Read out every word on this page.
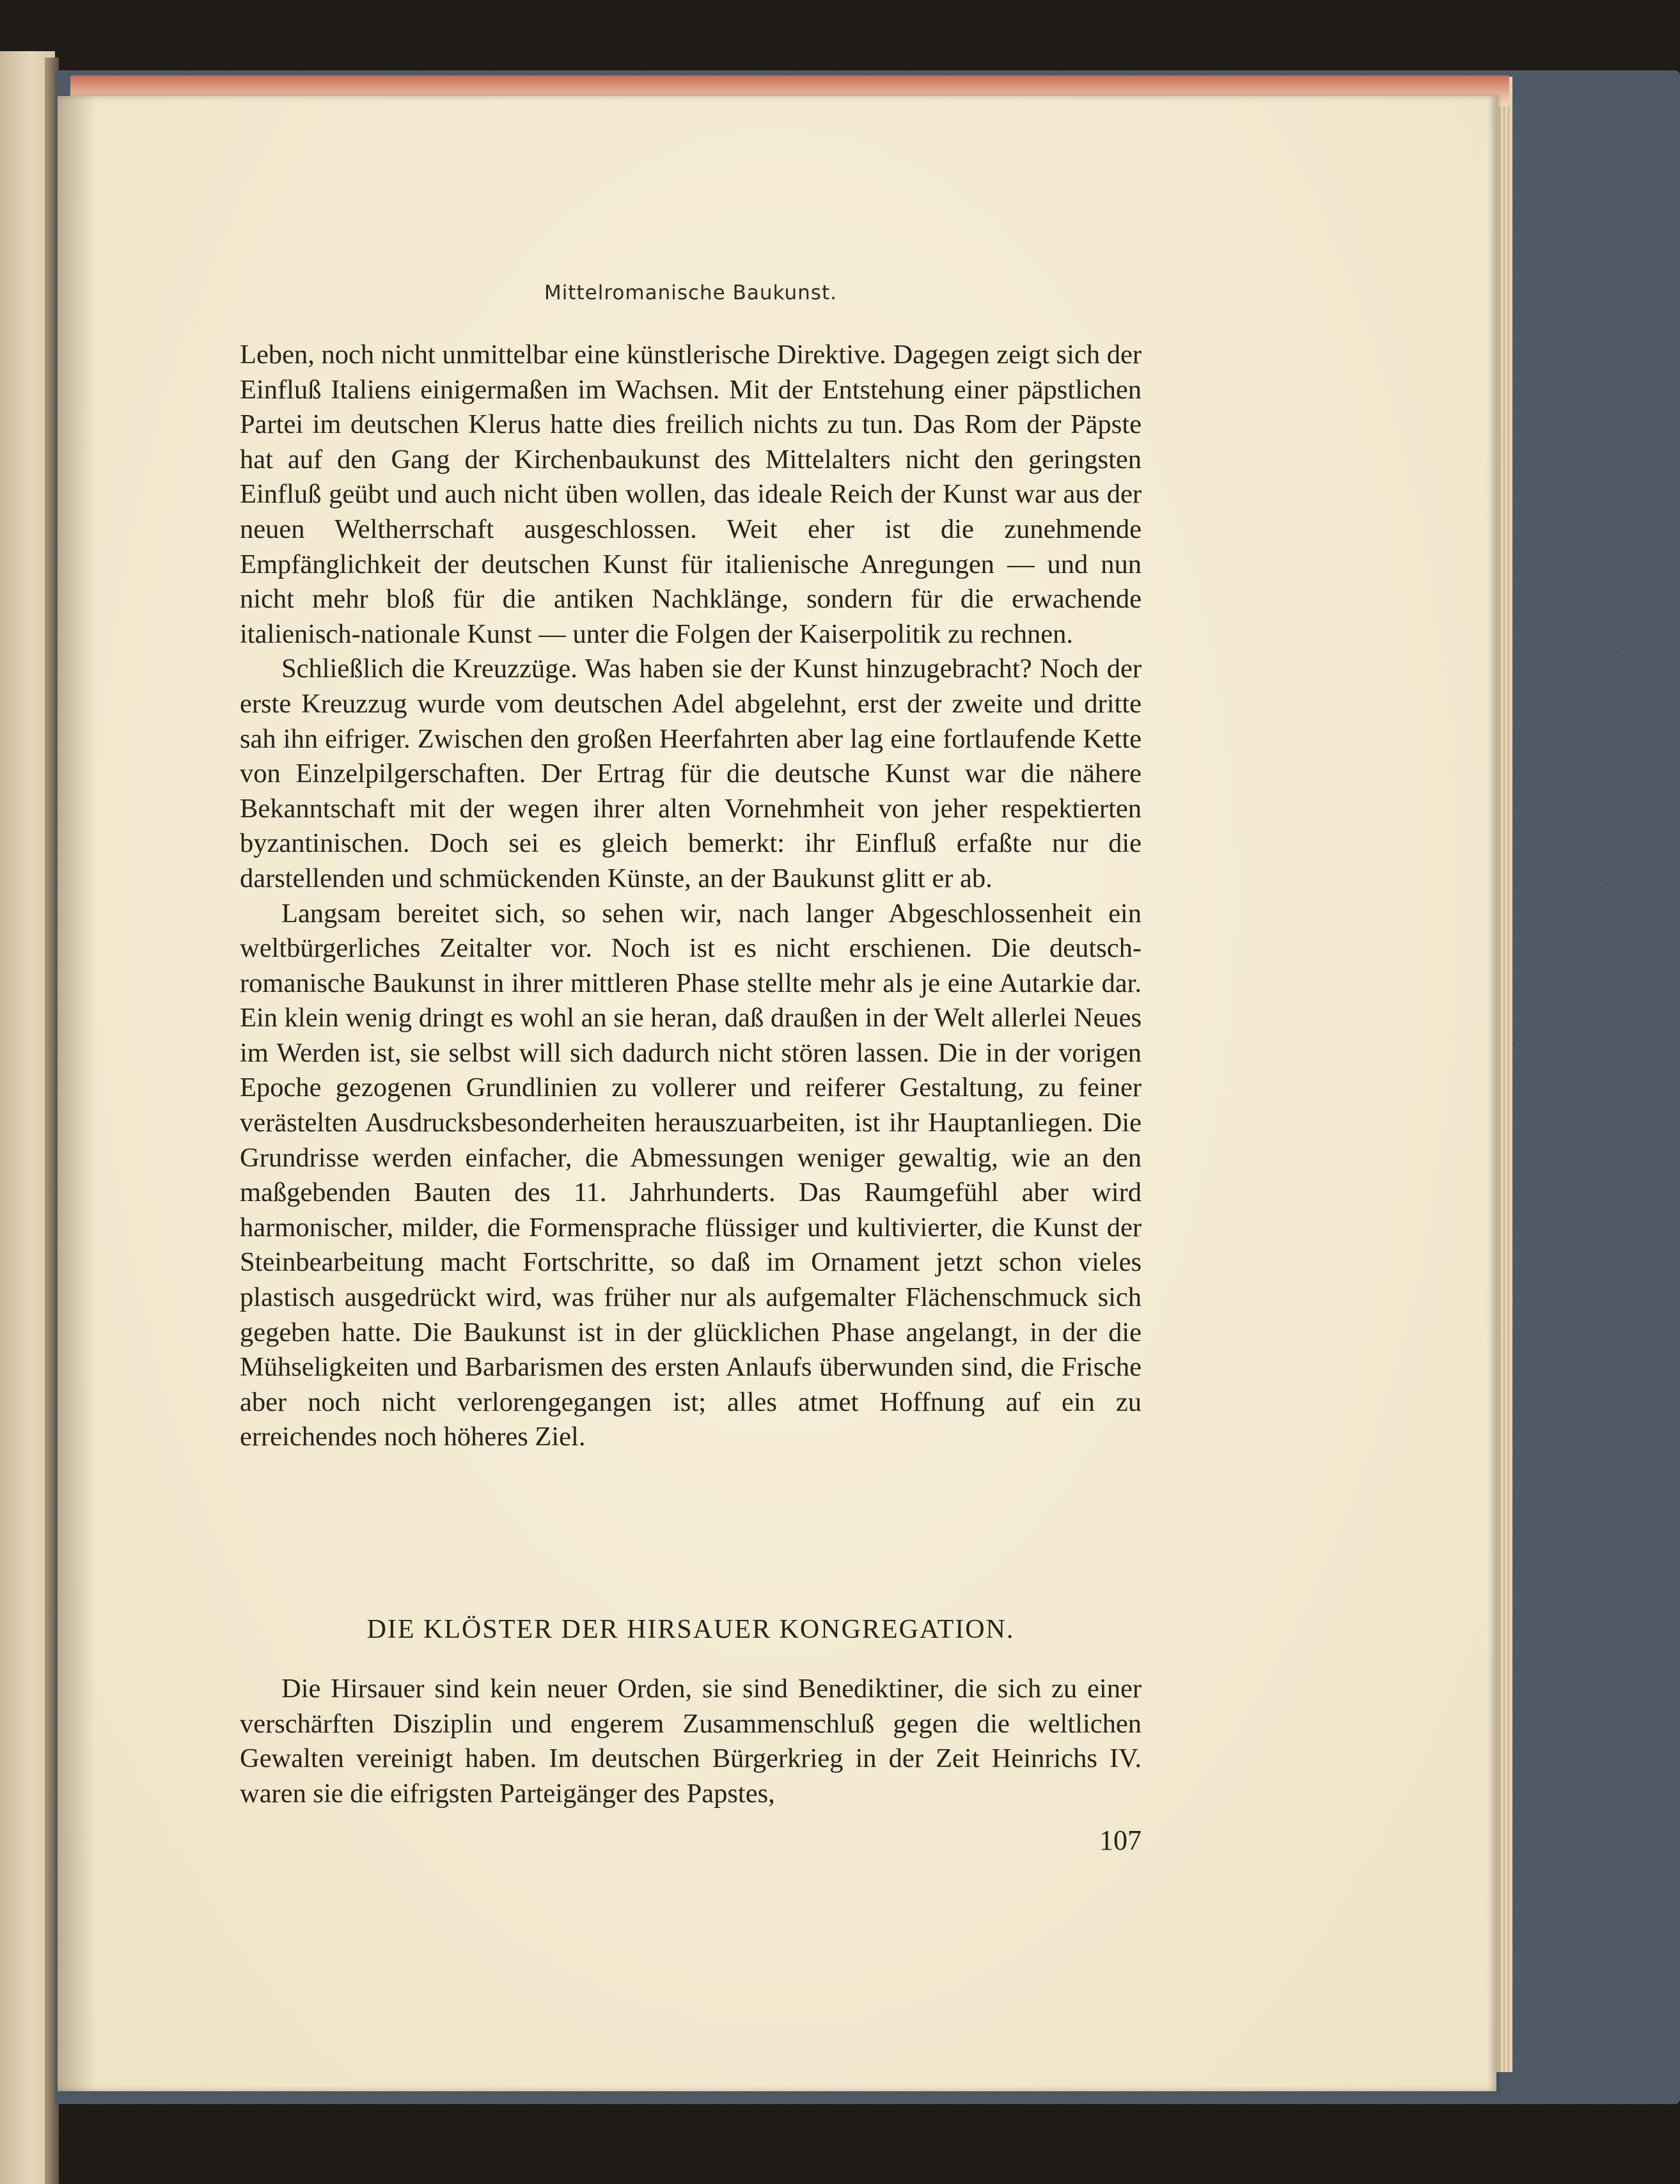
Mittelromanische Baukunst.

Leben, noch nicht unmittelbar eine künstlerische Direktive. Dagegen zeigt sich der Einfluß Italiens einigermaßen im Wachsen. Mit der Entstehung einer päpstlichen Partei im deutschen Klerus hatte dies freilich nichts zu tun. Das Rom der Päpste hat auf den Gang der Kirchenbaukunst des Mittelalters nicht den geringsten Einfluß geübt und auch nicht üben wollen, das ideale Reich der Kunst war aus der neuen Weltherrschaft ausgeschlossen. Weit eher ist die zunehmende Empfänglichkeit der deutschen Kunst für italienische Anregungen — und nun nicht mehr bloß für die antiken Nachklänge, sondern für die erwachende italienisch-nationale Kunst — unter die Folgen der Kaiserpolitik zu rechnen.

Schließlich die Kreuzzüge. Was haben sie der Kunst hinzugebracht? Noch der erste Kreuzzug wurde vom deutschen Adel abgelehnt, erst der zweite und dritte sah ihn eifriger. Zwischen den großen Heerfahrten aber lag eine fortlaufende Kette von Einzelpilgerschaften. Der Ertrag für die deutsche Kunst war die nähere Bekanntschaft mit der wegen ihrer alten Vornehmheit von jeher respektierten byzantinischen. Doch sei es gleich bemerkt: ihr Einfluß erfaßte nur die darstellenden und schmückenden Künste, an der Baukunst glitt er ab.

Langsam bereitet sich, so sehen wir, nach langer Abgeschlossenheit ein weltbürgerliches Zeitalter vor. Noch ist es nicht erschienen. Die deutsch-romanische Baukunst in ihrer mittleren Phase stellte mehr als je eine Autarkie dar. Ein klein wenig dringt es wohl an sie heran, daß draußen in der Welt allerlei Neues im Werden ist, sie selbst will sich dadurch nicht stören lassen. Die in der vorigen Epoche gezogenen Grundlinien zu vollerer und reiferer Gestaltung, zu feiner verästelten Ausdrucksbesonderheiten herauszuarbeiten, ist ihr Hauptanliegen. Die Grundrisse werden einfacher, die Abmessungen weniger gewaltig, wie an den maßgebenden Bauten des 11. Jahrhunderts. Das Raumgefühl aber wird harmonischer, milder, die Formensprache flüssiger und kultivierter, die Kunst der Steinbearbeitung macht Fortschritte, so daß im Ornament jetzt schon vieles plastisch ausgedrückt wird, was früher nur als aufgemalter Flächenschmuck sich gegeben hatte. Die Baukunst ist in der glücklichen Phase angelangt, in der die Mühseligkeiten und Barbarismen des ersten Anlaufs überwunden sind, die Frische aber noch nicht verlorengegangen ist; alles atmet Hoffnung auf ein zu erreichendes noch höheres Ziel.

DIE KLÖSTER DER HIRSAUER KONGREGATION.

Die Hirsauer sind kein neuer Orden, sie sind Benediktiner, die sich zu einer verschärften Disziplin und engerem Zusammenschluß gegen die weltlichen Gewalten vereinigt haben. Im deutschen Bürgerkrieg in der Zeit Heinrichs IV. waren sie die eifrigsten Parteigänger des Papstes,

107
